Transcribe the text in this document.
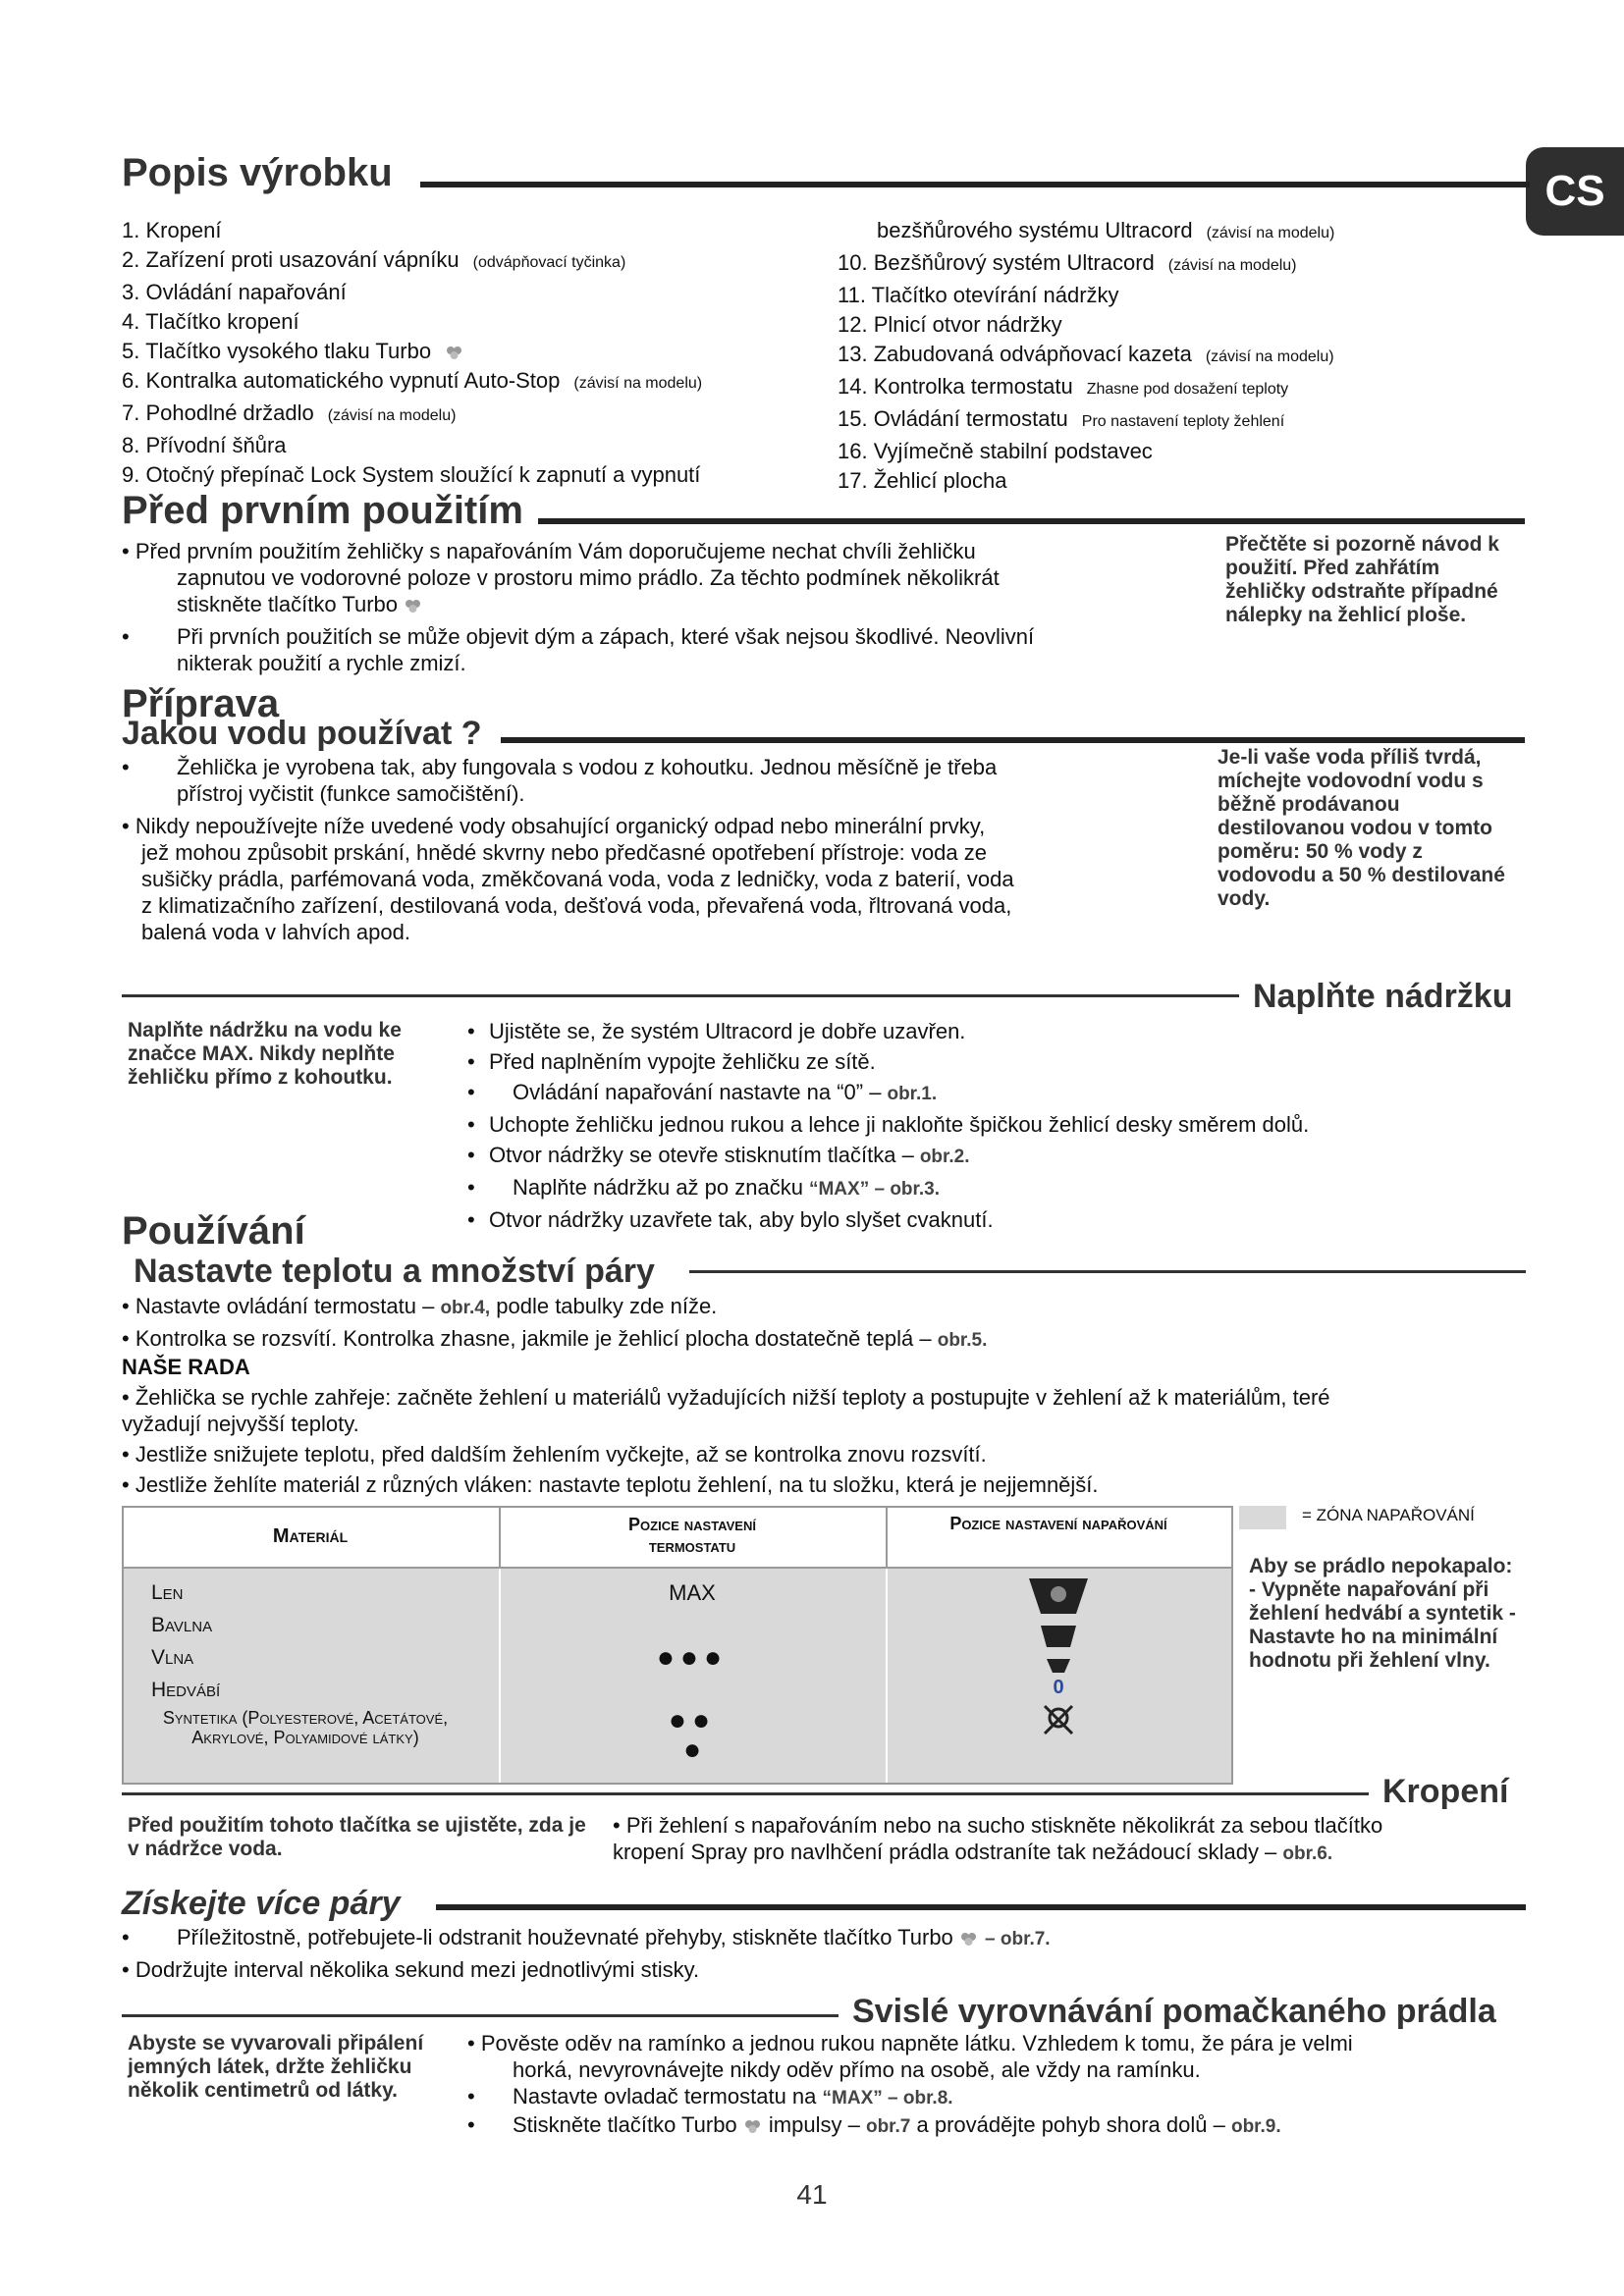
CS
Popis výrobku
1. Kropení
2. Zařízení proti usazování vápníku (odvápňovací tyčinka)
3. Ovládání napařování
4. Tlačítko kropení
5. Tlačítko vysokého tlaku Turbo
6. Kontralka automatického vypnutí Auto-Stop (závisí na modelu)
7. Pohodlné držadlo (závisí na modelu)
8. Přívodní šňůra
9. Otočný přepínač Lock System sloužící k zapnutí a vypnutí
bezšňůrového systému Ultracord (závisí na modelu)
10. Bezšňůrový systém Ultracord (závisí na modelu)
11. Tlačítko otevírání nádržky
12. Plnicí otvor nádržky
13. Zabudovaná odvápňovací kazeta (závisí na modelu)
14. Kontrolka termostatu Zhasne pod dosažení teploty
15. Ovládání termostatu Pro nastavení teploty žehlení
16. Vyjímečně stabilní podstavec
17. Žehlicí plocha
Před prvním použitím
• Před prvním použitím žehličky s napařováním Vám doporučujeme nechat chvíli žehličku
zapnutou ve vodorovné poloze v prostoru mimo prádlo. Za těchto podmínek několikrát
stiskněte tlačítko Turbo
• Při prvních použitích se může objevit dým a zápach, které však nejsou škodlivé. Neovlivní
nikterak použití a rychle zmizí.
Přečtěte si pozorně návod k použití. Před zahřátím žehličky odstraňte případné nálepky na žehlicí ploše.
Příprava
Jakou vodu používat ?
• Žehlička je vyrobena tak, aby fungovala s vodou z kohoutku. Jednou měsíčně je třeba
přístroj vyčistit (funkce samočištění).
• Nikdy nepoužívejte níže uvedené vody obsahující organický odpad nebo minerální prvky,
jež mohou způsobit prskání, hnědé skvrny nebo předčasné opotřebení přístroje: voda ze
sušičky prádla, parfémovaná voda, změkčovaná voda, voda z ledničky, voda z baterií, voda
z klimatizačního zařízení, destilovaná voda, dešťová voda, převařená voda, řltrovaná voda,
balená voda v lahvích apod.
Je-li vaše voda příliš tvrdá, míchejte vodovodní vodu s běžně prodávanou destilovanou vodou v tomto poměru: 50 % vody z vodovodu a 50 % destilované vody.
Naplňte nádržku
Naplňte nádržku na vodu ke značce MAX. Nikdy neplňte žehličku přímo z kohoutku.
• Ujistěte se, že systém Ultracord je dobře uzavřen.
• Před naplněním vypojte žehličku ze sítě.
• Ovládání napařování nastavte na “0” – obr.1.
• Uchopte žehličku jednou rukou a lehce ji nakloňte špičkou žehlicí desky směrem dolů.
• Otvor nádržky se otevře stisknutím tlačítka – obr.2.
• Naplňte nádržku až po značku “MAX” – obr.3.
• Otvor nádržky uzavřete tak, aby bylo slyšet cvaknutí.
Používání
Nastavte teplotu a množství páry
• Nastavte ovládání termostatu – obr.4, podle tabulky zde níže.
• Kontrolka se rozsvítí. Kontrolka zhasne, jakmile je žehlicí plocha dostatečně teplá – obr.5.
NAŠE RADA
• Žehlička se rychle zahřeje: začněte žehlení u materiálů vyžadujících nižší teploty a postupujte v žehlení až k materiálům, teré
vyžadují nejvyšší teploty.
• Jestliže snižujete teplotu, před daldším žehlením vyčkejte, až se kontrolka znovu rozsvítí.
• Jestliže žehlíte materiál z různých vláken: nastavte teplotu žehlení, na tu složku, která je nejjemnější.
Materiál
Pozice nastavení termostatu
Pozice nastavení napařování
Len
Bavlna
Vlna
Hedvábí
Syntetika (Polyesterové, Acetátové, Akrylové, Polyamidové látky)
MAX
●●●
●●
●
0
= ZÓNA NAPAŘOVÁNÍ
Aby se prádlo nepokapalo: - Vypněte napařování při žehlení hedvábí a syntetik - Nastavte ho na minimální hodnotu při žehlení vlny.
Kropení
Před použitím tohoto tlačítka se ujistěte, zda je v nádržce voda.
• Při žehlení s napařováním nebo na sucho stiskněte několikrát za sebou tlačítko
kropení Spray pro navlhčení prádla odstraníte tak nežádoucí sklady – obr.6.
Získejte více páry
• Příležitostně, potřebujete-li odstranit houževnaté přehyby, stiskněte tlačítko Turbo – obr.7.
• Dodržujte interval několika sekund mezi jednotlivými stisky.
Svislé vyrovnávání pomačkaného prádla
Abyste se vyvarovali připálení jemných látek, držte žehličku několik centimetrů od látky.
• Pověste oděv na ramínko a jednou rukou napněte látku. Vzhledem k tomu, že pára je velmi
horká, nevyrovnávejte nikdy oděv přímo na osobě, ale vždy na ramínku.
• Nastavte ovladač termostatu na “MAX” – obr.8.
• Stiskněte tlačítko Turbo impulsy – obr.7 a provádějte pohyb shora dolů – obr.9.
41
